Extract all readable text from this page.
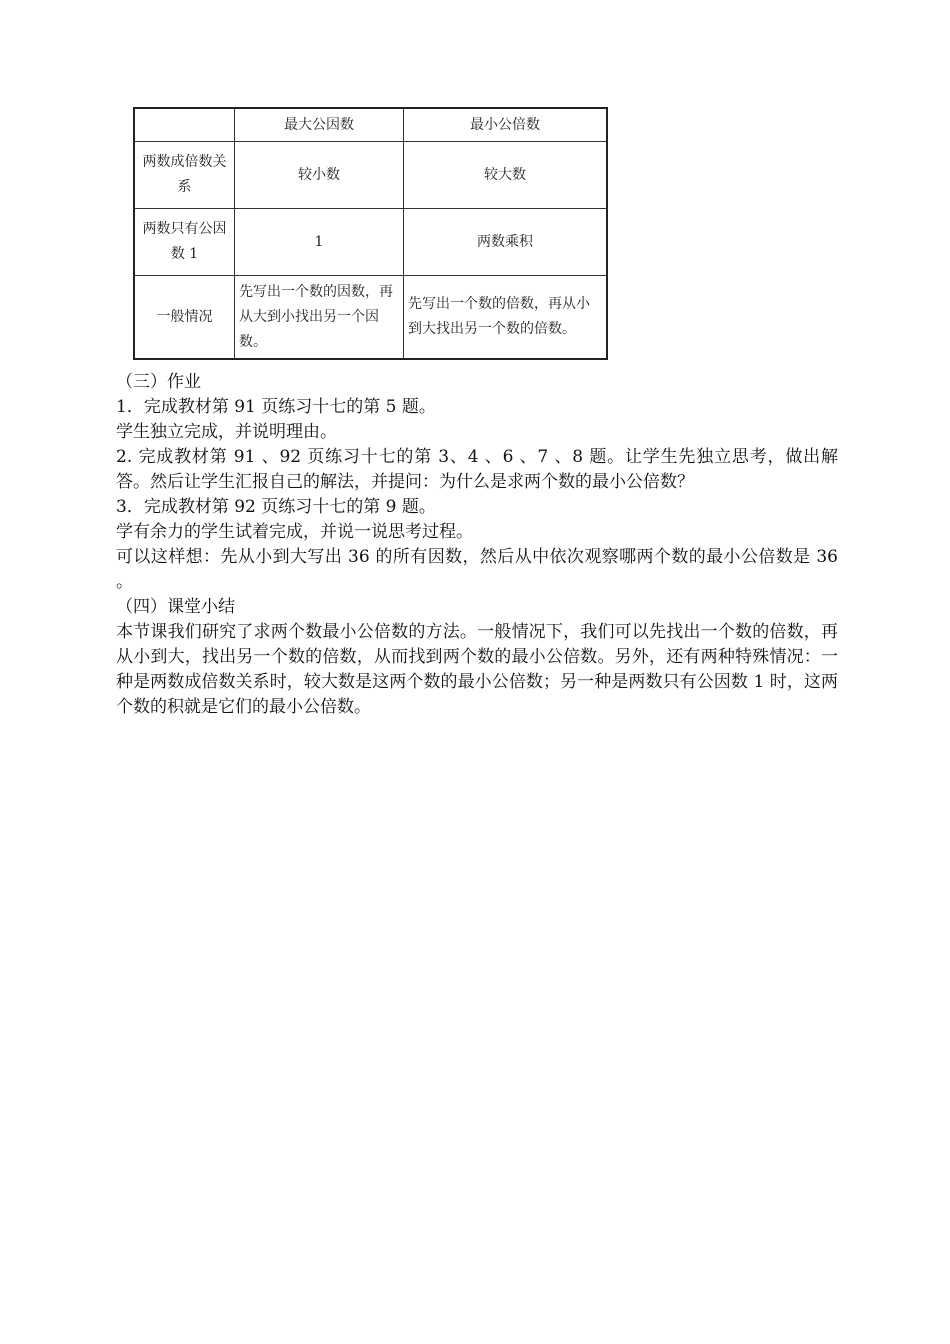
	最大公因数	最小公倍数
两数成倍数关系	较小数	较大数
两数只有公因数 1	1	两数乘积
一般情况	先写出一个数的因数，再从大到小找出另一个因数。	先写出一个数的倍数，再从小到大找出另一个数的倍数。

（三）作业

1．完成教材第 91 页练习十七的第 5 题。

学生独立完成，并说明理由。

2. 完成教材第 91 、92 页练习十七的第 3、4 、6 、7 、8 题。让学生先独立思考，做出解答。然后让学生汇报自己的解法，并提问：为什么是求两个数的最小公倍数？

3．完成教材第 92 页练习十七的第 9 题。

学有余力的学生试着完成，并说一说思考过程。

可以这样想：先从小到大写出 36 的所有因数，然后从中依次观察哪两个数的最小公倍数是 36 。

（四）课堂小结

本节课我们研究了求两个数最小公倍数的方法。一般情况下，我们可以先找出一个数的倍数，再从小到大，找出另一个数的倍数，从而找到两个数的最小公倍数。另外，还有两种特殊情况：一种是两数成倍数关系时，较大数是这两个数的最小公倍数；另一种是两数只有公因数 1 时，这两个数的积就是它们的最小公倍数。
